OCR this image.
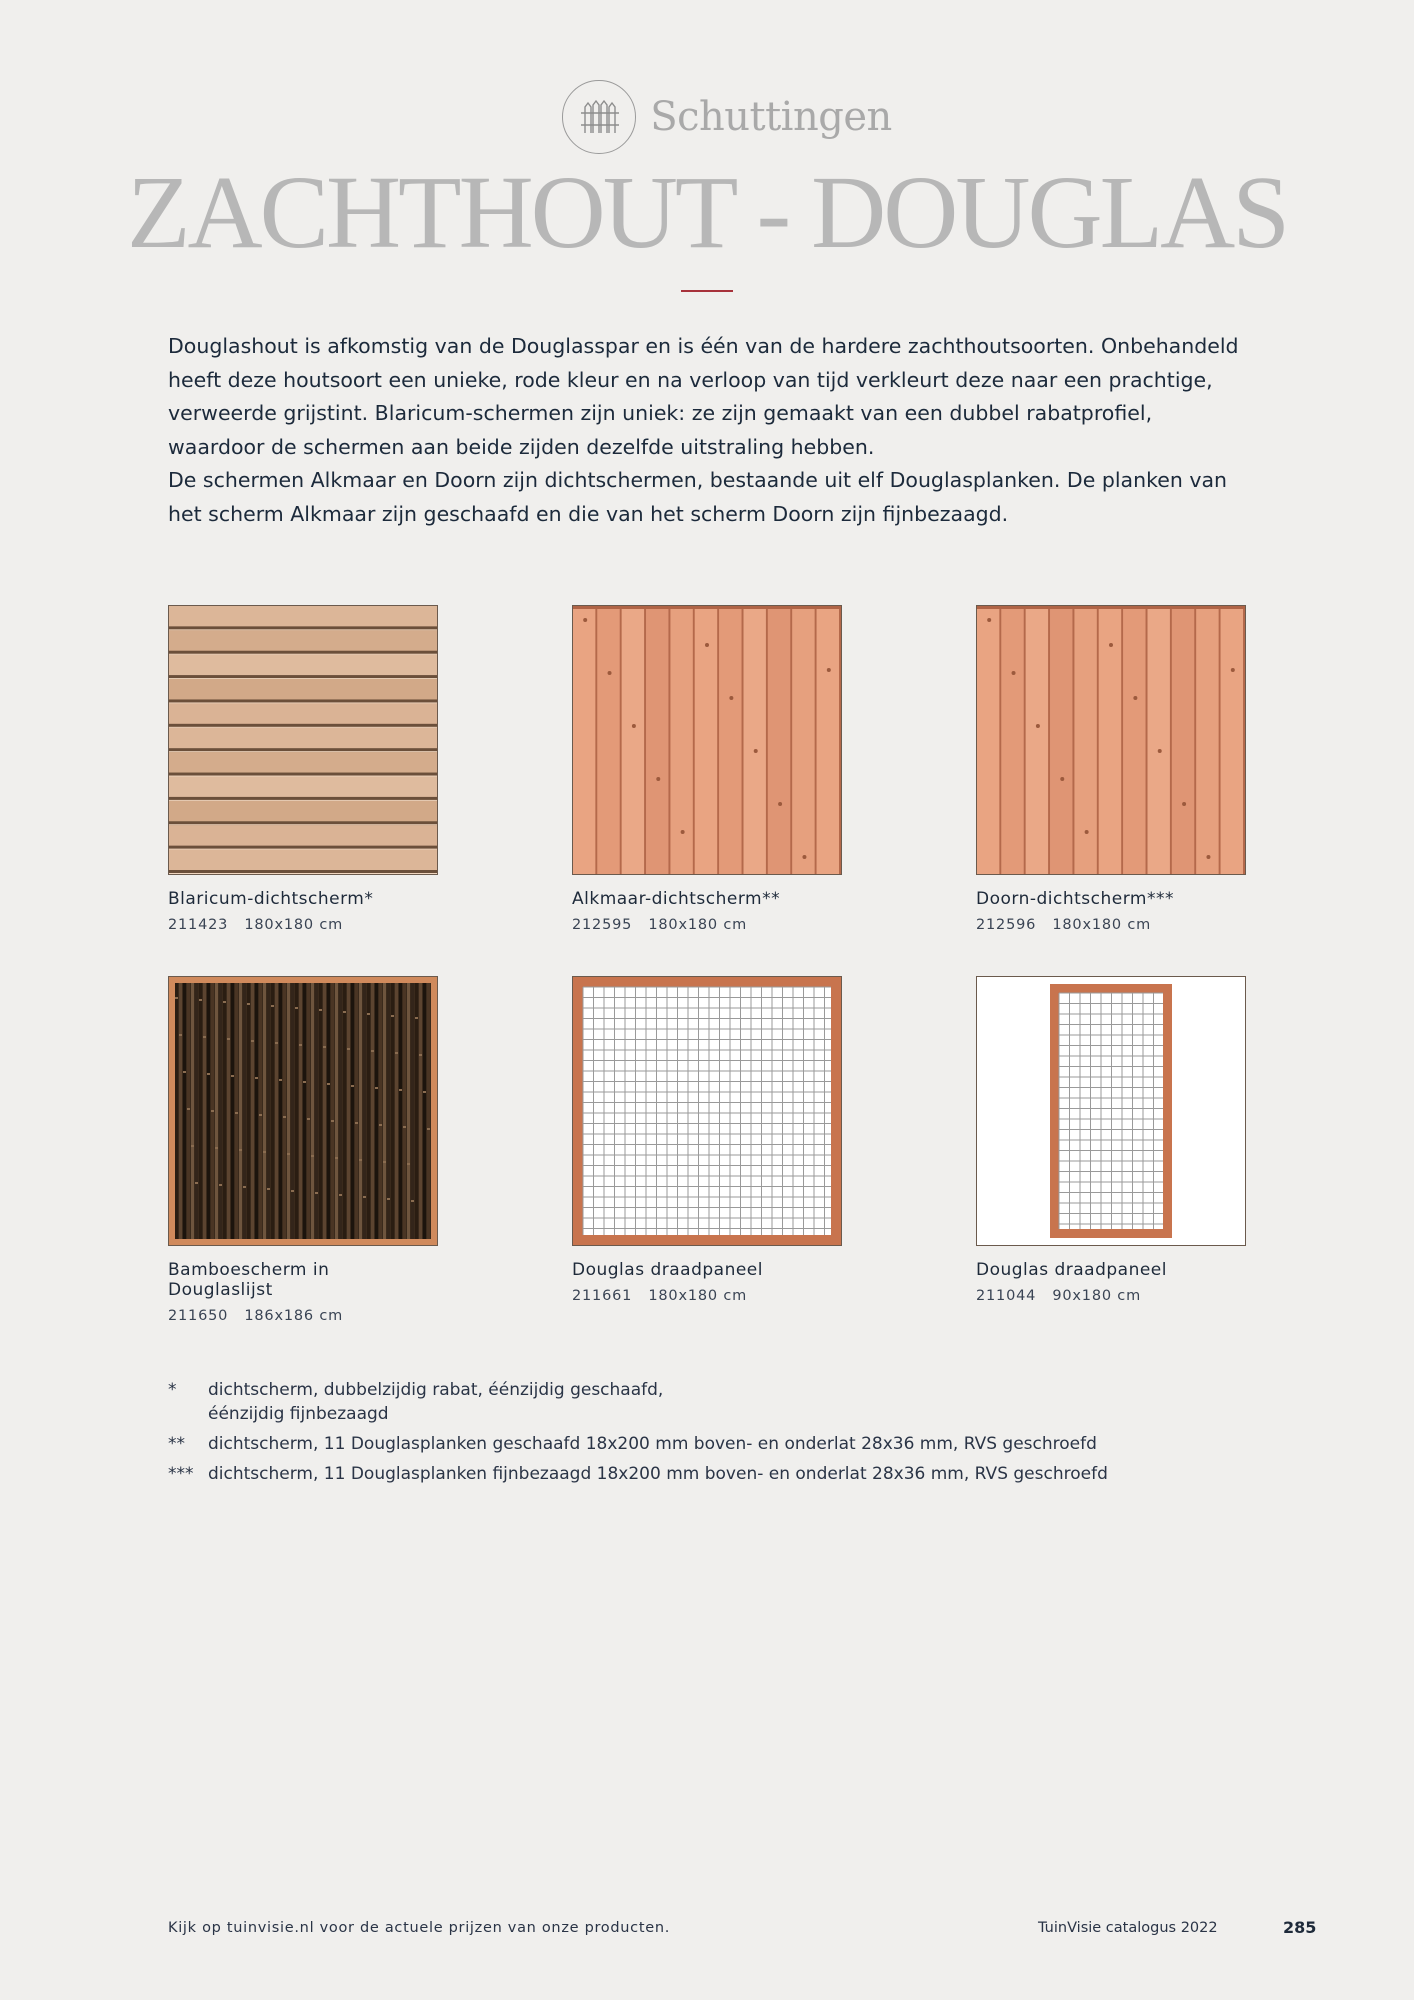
Schuttingen
ZACHTHOUT - DOUGLAS

Douglashout is afkomstig van de Douglasspar en is één van de hardere zachthoutsoorten. Onbehandeld heeft deze houtsoort een unieke, rode kleur en na verloop van tijd verkleurt deze naar een prachtige, verweerde grijstint. Blaricum-schermen zijn uniek: ze zijn gemaakt van een dubbel rabatprofiel, waardoor de schermen aan beide zijden dezelfde uitstraling hebben.

De schermen Alkmaar en Doorn zijn dichtschermen, bestaande uit elf Douglasplanken. De planken van het scherm Alkmaar zijn geschaafd en die van het scherm Doorn zijn fijnbezaagd.

Blaricum-dichtscherm*
211423   180x180 cm
Alkmaar-dichtscherm**
212595   180x180 cm
Doorn-dichtscherm***
212596   180x180 cm
Bamboescherm in Douglaslijst
211650   186x186 cm
Douglas draadpaneel
211661   180x180 cm
Douglas draadpaneel
211044   90x180 cm
*	dichtscherm, dubbelzijdig rabat, éénzijdig geschaafd,
éénzijdig fijnbezaagd
**	dichtscherm, 11 Douglasplanken geschaafd 18x200 mm boven- en onderlat 28x36 mm, RVS geschroefd
*** dichtscherm, 11 Douglasplanken fijnbezaagd 18x200 mm boven- en onderlat 28x36 mm, RVS geschroefd
Kijk op tuinvisie.nl voor de actuele prijzen van onze producten.	TuinVisie catalogus 2022	285
